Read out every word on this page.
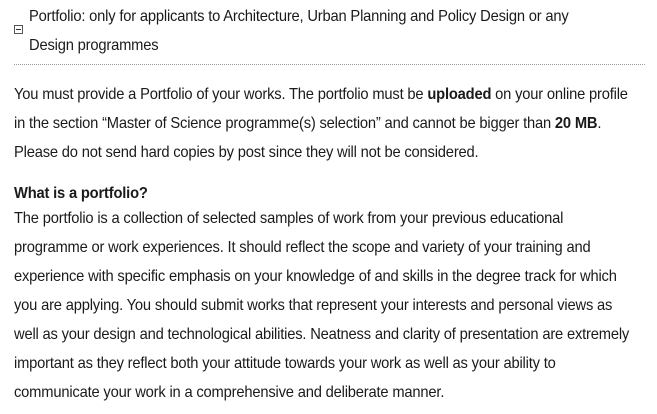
Portfolio: only for applicants to Architecture, Urban Planning and Policy Design or any Design programmes

You must provide a Portfolio of your works. The portfolio must be uploaded on your online profile in the section “Master of Science programme(s) selection” and cannot be bigger than 20 MB. Please do not send hard copies by post since they will not be considered.

What is a portfolio?

The portfolio is a collection of selected samples of work from your previous educational programme or work experiences. It should reflect the scope and variety of your training and experience with specific emphasis on your knowledge of and skills in the degree track for which you are applying. You should submit works that represent your interests and personal views as well as your design and technological abilities. Neatness and clarity of presentation are extremely important as they reflect both your attitude towards your work as well as your ability to communicate your work in a comprehensive and deliberate manner.
